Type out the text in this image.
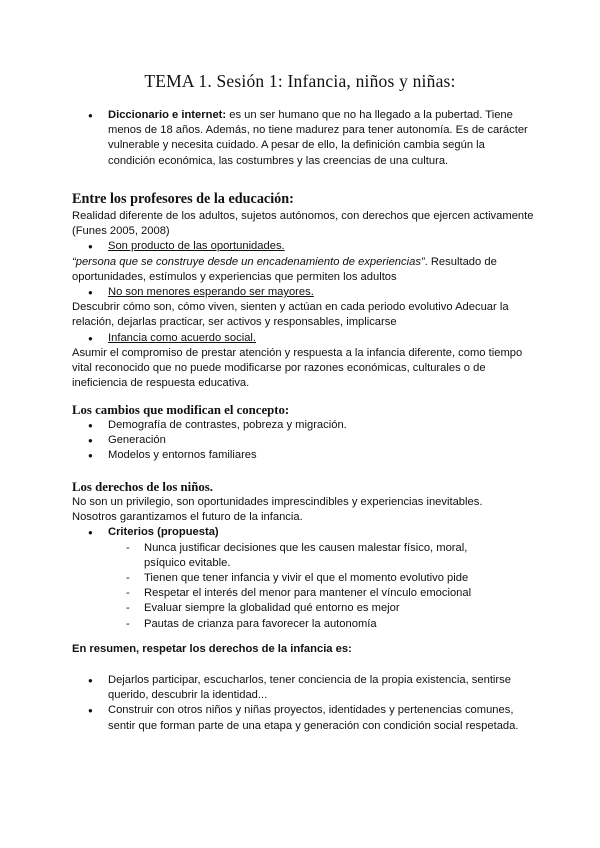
TEMA 1. Sesión 1: Infancia, niños y niñas:
● Diccionario e internet: es un ser humano que no ha llegado a la pubertad. Tiene menos de 18 años. Además, no tiene madurez para tener autonomía. Es de carácter vulnerable y necesita cuidado. A pesar de ello, la definición cambia según la condición económica, las costumbres y las creencias de una cultura.
Entre los profesores de la educación:

Realidad diferente de los adultos, sujetos autónomos, con derechos que ejercen activamente (Funes 2005, 2008)

● Son producto de las oportunidades.

“persona que se construye desde un encadenamiento de experiencias”. Resultado de oportunidades, estímulos y experiencias que permiten los adultos

● No son menores esperando ser mayores.

Descubrir cómo son, cómo viven, sienten y actúan en cada periodo evolutivo Adecuar la relación, dejarlas practicar, ser activos y responsables, implicarse

● Infancia como acuerdo social.

Asumir el compromiso de prestar atención y respuesta a la infancia diferente, como tiempo vital reconocido que no puede modificarse por razones económicas, culturales o de ineficiencia de respuesta educativa.

Los cambios que modifican el concepto:
● Demografía de contrastes, pobreza y migración.
● Generación
● Modelos y entornos familiares
Los derechos de los niños.

No son un privilegio, son oportunidades imprescindibles y experiencias inevitables.

Nosotros garantizamos el futuro de la infancia.

● Criterios (propuesta)
- Nunca justificar decisiones que les causen malestar físico, moral, psíquico evitable.
- Tienen que tener infancia y vivir el que el momento evolutivo pide
- Respetar el interés del menor para mantener el vínculo emocional
- Evaluar siempre la globalidad qué entorno es mejor
- Pautas de crianza para favorecer la autonomía
En resumen, respetar los derechos de la infancia es:
● Dejarlos participar, escucharlos, tener conciencia de la propia existencia, sentirse querido, descubrir la identidad...
● Construir con otros niños y niñas proyectos, identidades y pertenencias comunes, sentir que forman parte de una etapa y generación con condición social respetada.
